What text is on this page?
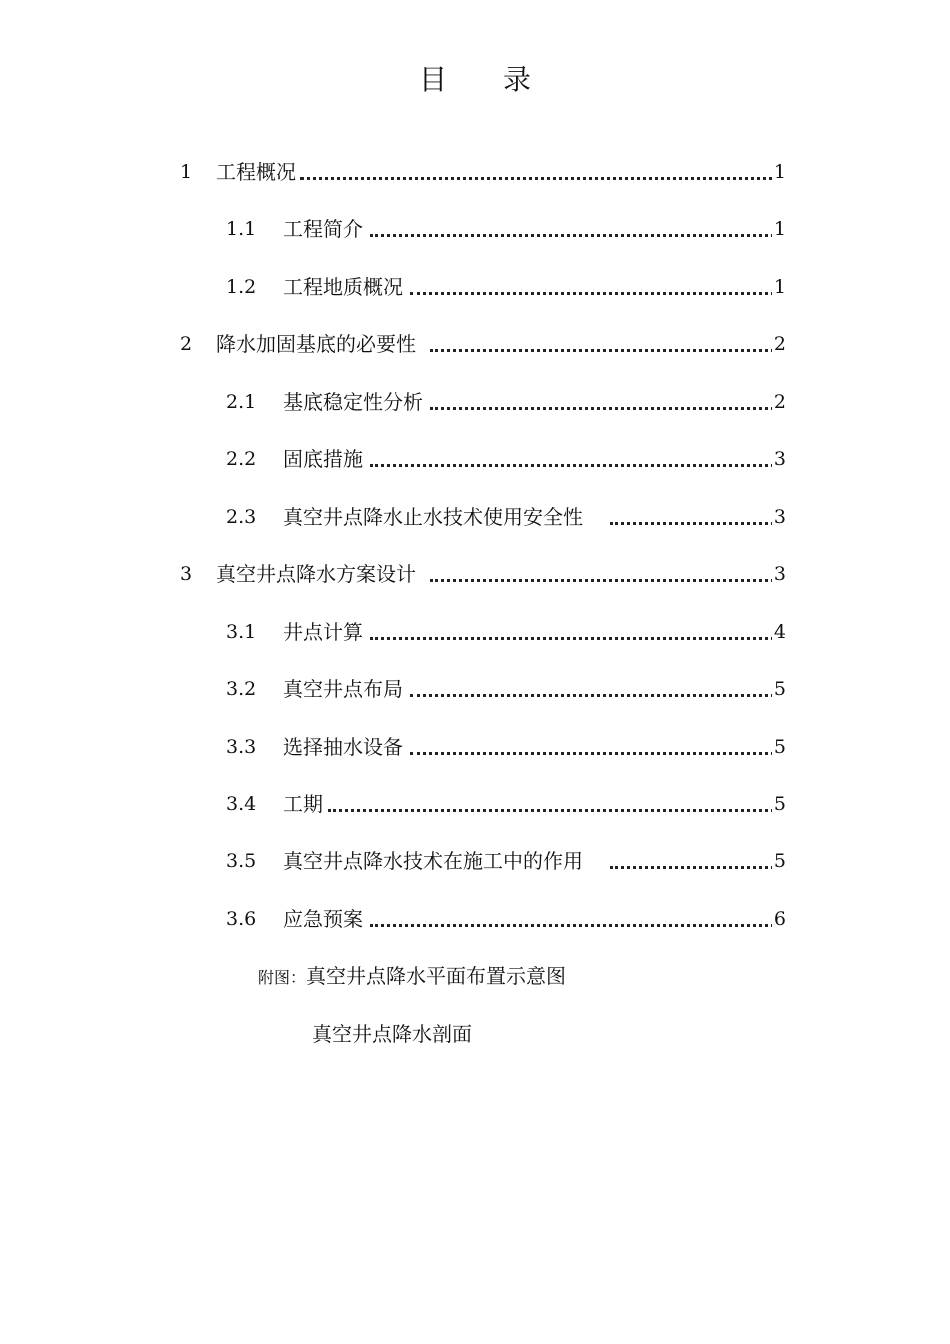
目 录
1 工程概况	1
1.1 工程简介	1
1.2 工程地质概况	1
2 降水加固基底的必要性	2
2.1 基底稳定性分析	2
2.2 固底措施	3
2.3 真空井点降水止水技术使用安全性	3
3 真空井点降水方案设计	3
3.1 井点计算	4
3.2 真空井点布局	5
3.3 选择抽水设备	5
3.4 工期	5
3.5 真空井点降水技术在施工中的作用	5
3.6 应急预案	6
附图：真空井点降水平面布置示意图
真空井点降水剖面
